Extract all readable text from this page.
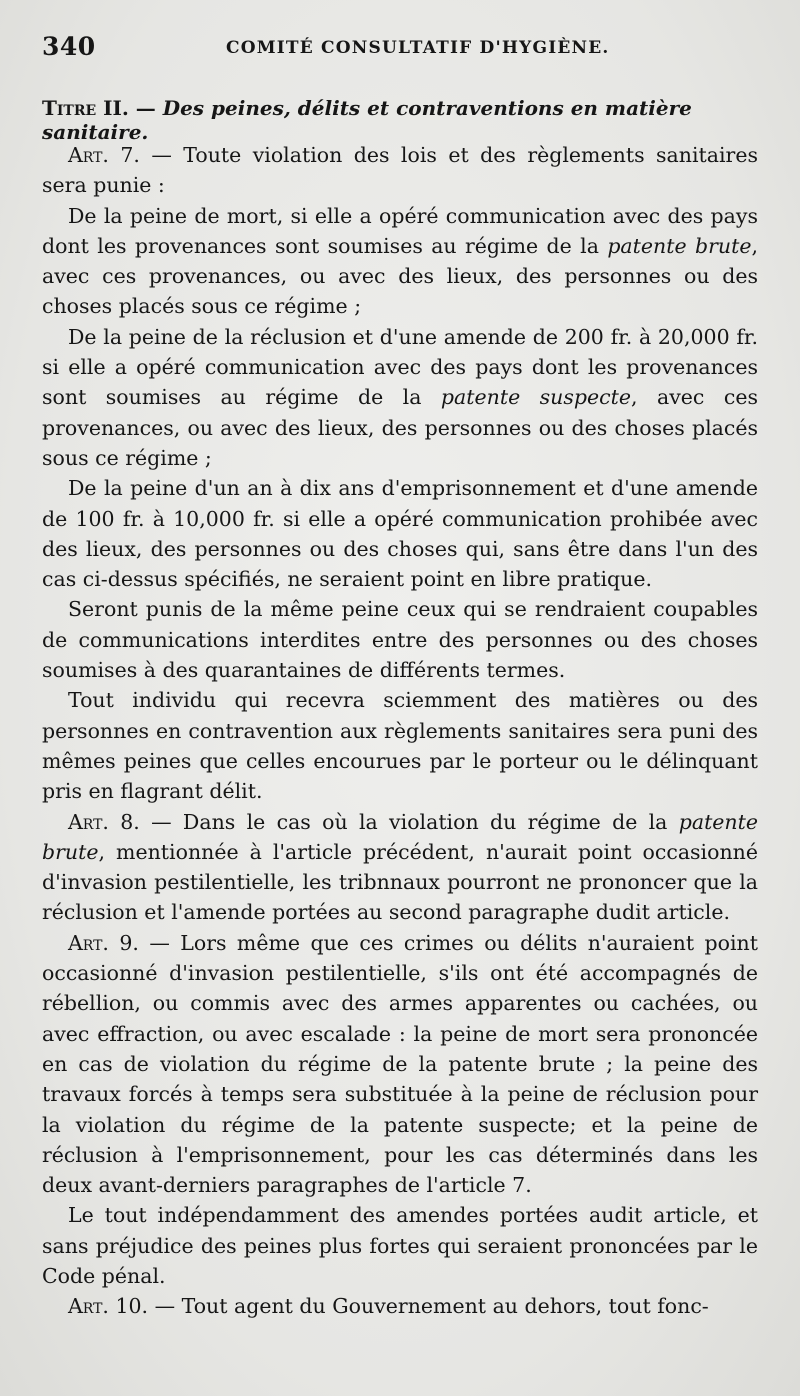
340	COMITÉ CONSULTATIF D'HYGIÈNE.
Titre II. — Des peines, délits et contraventions en matière sanitaire.

Art. 7. — Toute violation des lois et des règlements sanitaires sera punie :

De la peine de mort, si elle a opéré communication avec des pays dont les provenances sont soumises au régime de la patente brute, avec ces provenances, ou avec des lieux, des personnes ou des choses placés sous ce régime ;

De la peine de la réclusion et d'une amende de 200 fr. à 20,000 fr. si elle a opéré communication avec des pays dont les provenances sont soumises au régime de la patente suspecte, avec ces provenances, ou avec des lieux, des personnes ou des choses placés sous ce régime ;

De la peine d'un an à dix ans d'emprisonnement et d'une amende de 100 fr. à 10,000 fr. si elle a opéré communication prohibée avec des lieux, des personnes ou des choses qui, sans être dans l'un des cas ci-dessus spécifiés, ne seraient point en libre pratique.

Seront punis de la même peine ceux qui se rendraient coupables de communications interdites entre des personnes ou des choses soumises à des quarantaines de différents termes.

Tout individu qui recevra sciemment des matières ou des personnes en contravention aux règlements sanitaires sera puni des mêmes peines que celles encourues par le porteur ou le délinquant pris en flagrant délit.

Art. 8. — Dans le cas où la violation du régime de la patente brute, mentionnée à l'article précédent, n'aurait point occasionné d'invasion pestilentielle, les tribnnaux pourront ne prononcer que la réclusion et l'amende portées au second paragraphe dudit article.

Art. 9. — Lors même que ces crimes ou délits n'auraient point occasionné d'invasion pestilentielle, s'ils ont été accompagnés de rébellion, ou commis avec des armes apparentes ou cachées, ou avec effraction, ou avec escalade : la peine de mort sera prononcée en cas de violation du régime de la patente brute ; la peine des travaux forcés à temps sera substituée à la peine de réclusion pour la violation du régime de la patente suspecte; et la peine de réclusion à l'emprisonnement, pour les cas déterminés dans les deux avant-derniers paragraphes de l'article 7.

Le tout indépendamment des amendes portées audit article, et sans préjudice des peines plus fortes qui seraient prononcées par le Code pénal.

Art. 10. — Tout agent du Gouvernement au dehors, tout fonc-
